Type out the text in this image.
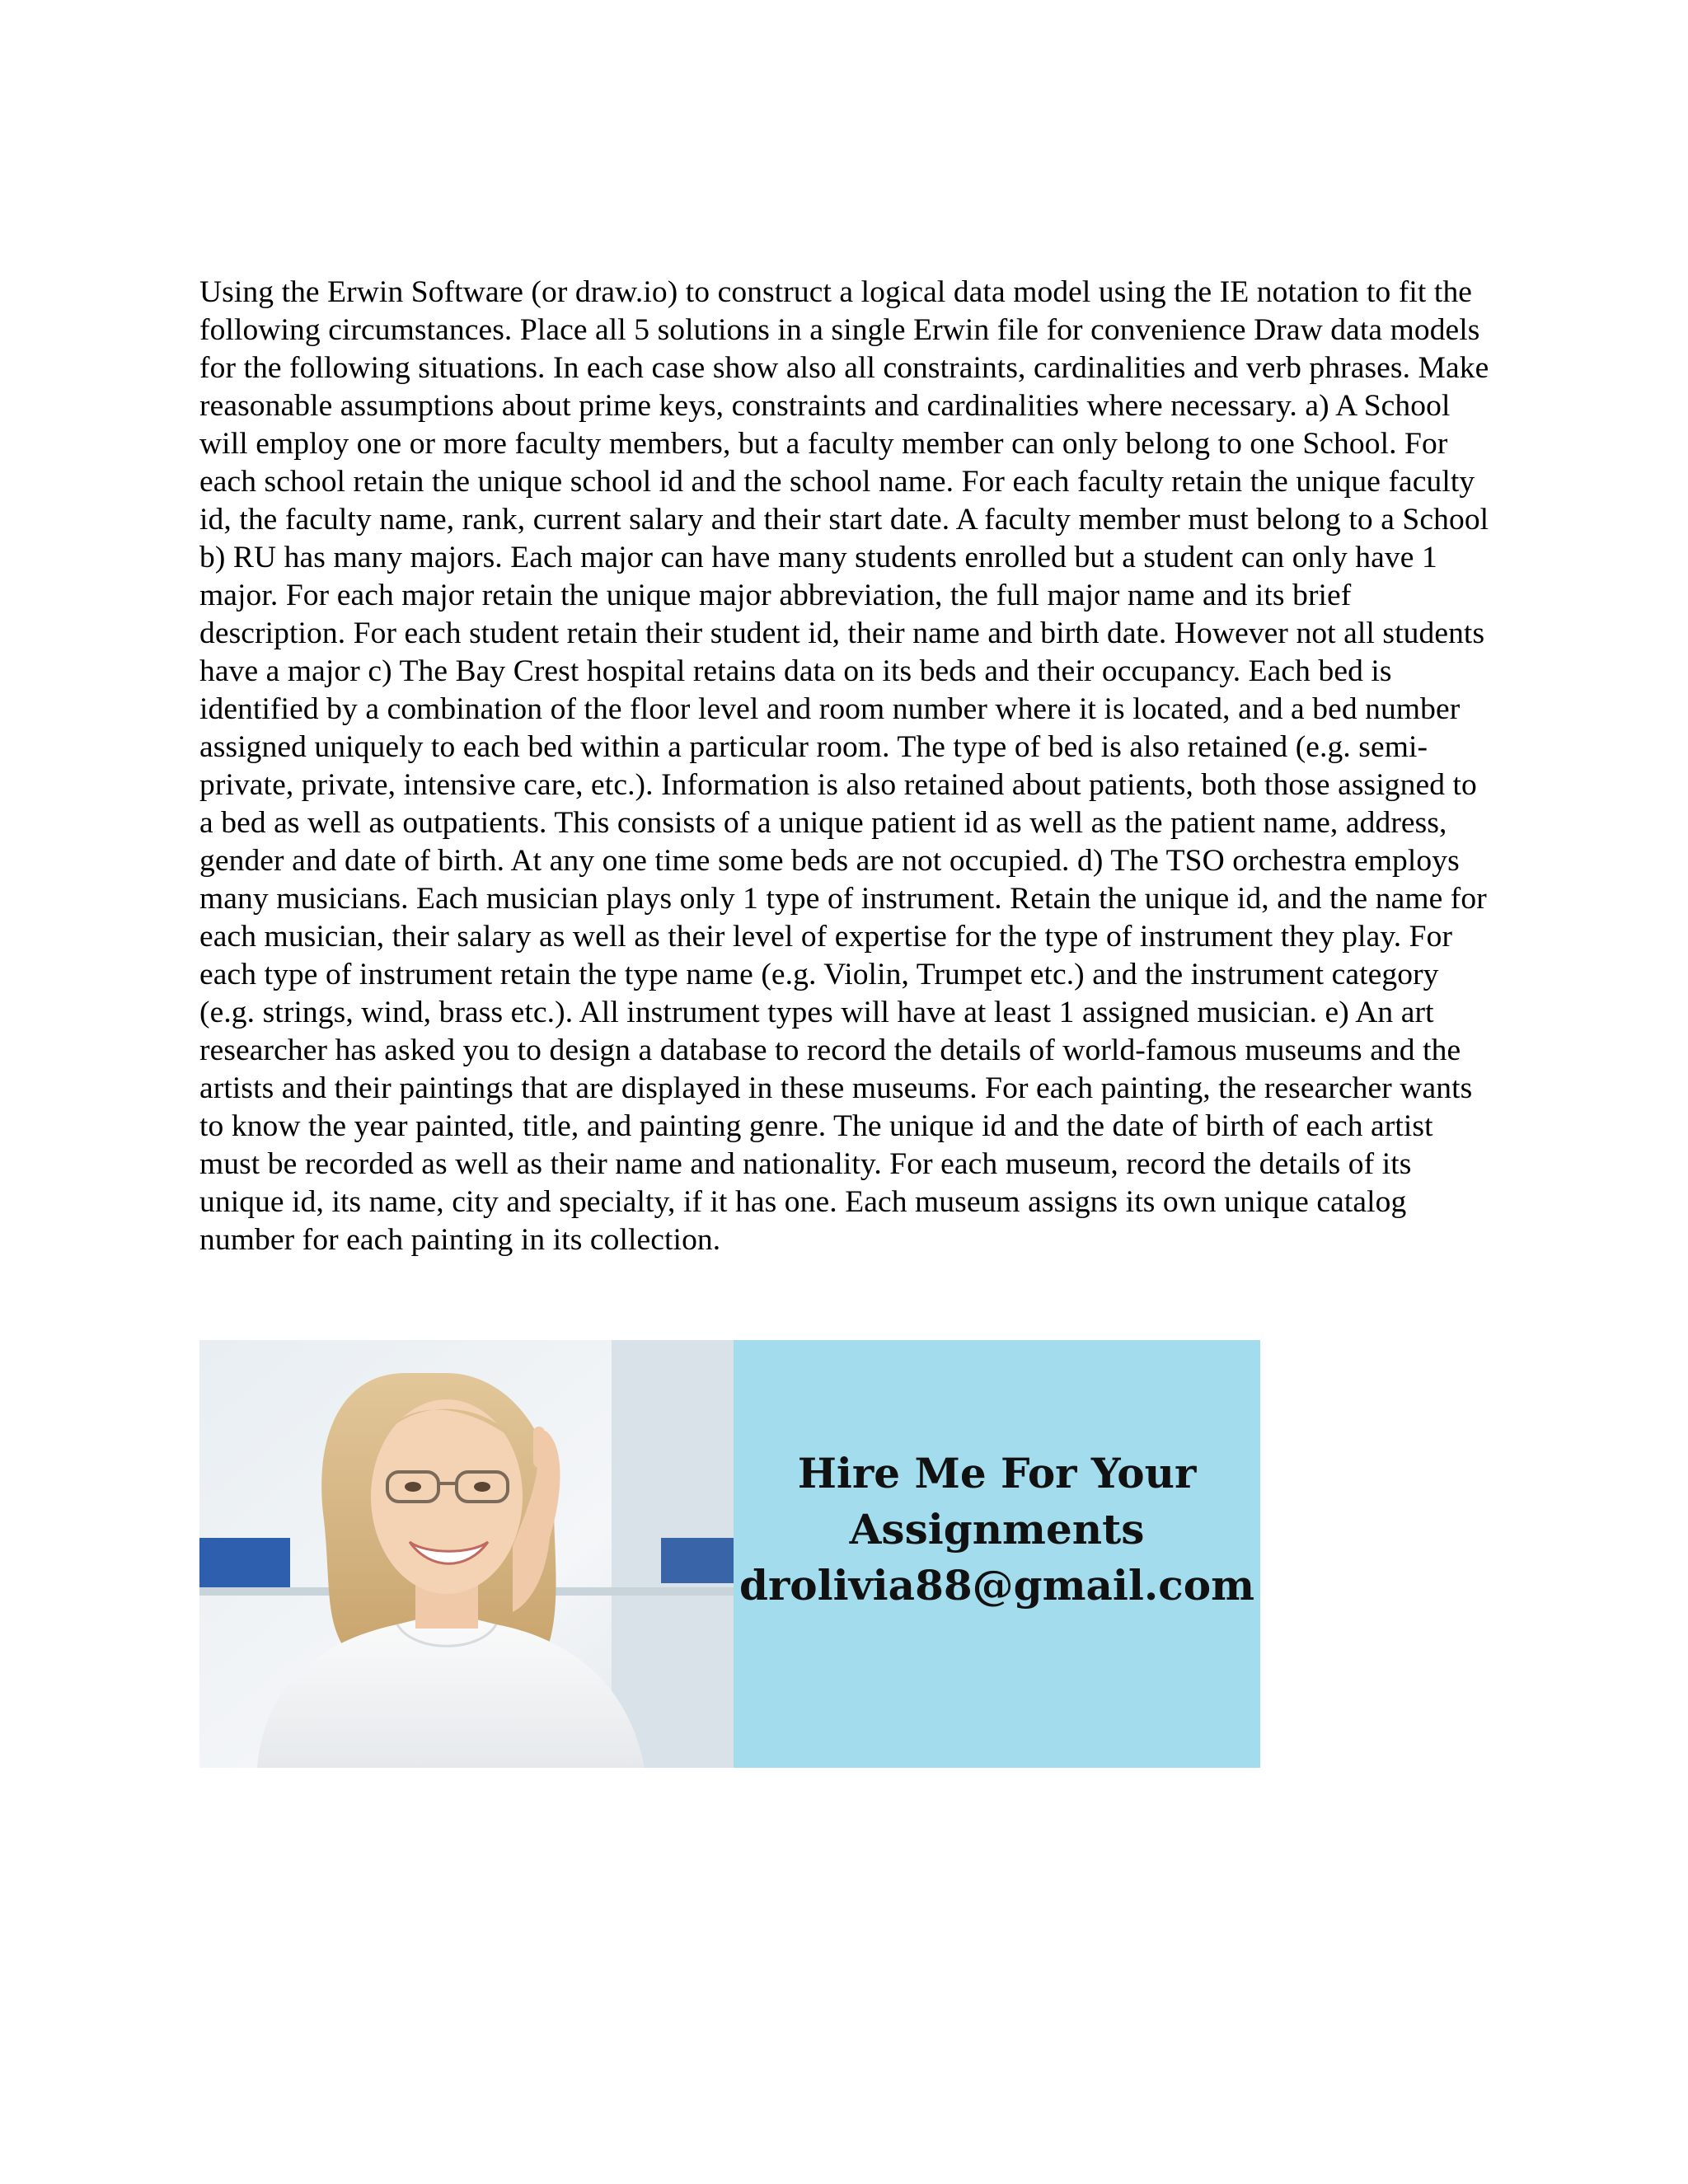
Using the Erwin Software (or draw.io) to construct a logical data model using the IE notation to fit the following circumstances. Place all 5 solutions in a single Erwin file for convenience Draw data models for the following situations. In each case show also all constraints, cardinalities and verb phrases. Make reasonable assumptions about prime keys, constraints and cardinalities where necessary. a) A School will employ one or more faculty members, but a faculty member can only belong to one School. For each school retain the unique school id and the school name. For each faculty retain the unique faculty id, the faculty name, rank, current salary and their start date. A faculty member must belong to a School b) RU has many majors. Each major can have many students enrolled but a student can only have 1 major. For each major retain the unique major abbreviation, the full major name and its brief description. For each student retain their student id, their name and birth date. However not all students have a major c) The Bay Crest hospital retains data on its beds and their occupancy. Each bed is identified by a combination of the floor level and room number where it is located, and a bed number assigned uniquely to each bed within a particular room. The type of bed is also retained (e.g. semi-private, private, intensive care, etc.). Information is also retained about patients, both those assigned to a bed as well as outpatients. This consists of a unique patient id as well as the patient name, address, gender and date of birth. At any one time some beds are not occupied. d) The TSO orchestra employs many musicians. Each musician plays only 1 type of instrument. Retain the unique id, and the name for each musician, their salary as well as their level of expertise for the type of instrument they play. For each type of instrument retain the type name (e.g. Violin, Trumpet etc.) and the instrument category (e.g. strings, wind, brass etc.). All instrument types will have at least 1 assigned musician. e) An art researcher has asked you to design a database to record the details of world-famous museums and the artists and their paintings that are displayed in these museums. For each painting, the researcher wants to know the year painted, title, and painting genre. The unique id and the date of birth of each artist must be recorded as well as their name and nationality. For each museum, record the details of its unique id, its name, city and specialty, if it has one. Each museum assigns its own unique catalog number for each painting in its collection.

Hire Me For Your
Assignments
drolivia88@gmail.com
